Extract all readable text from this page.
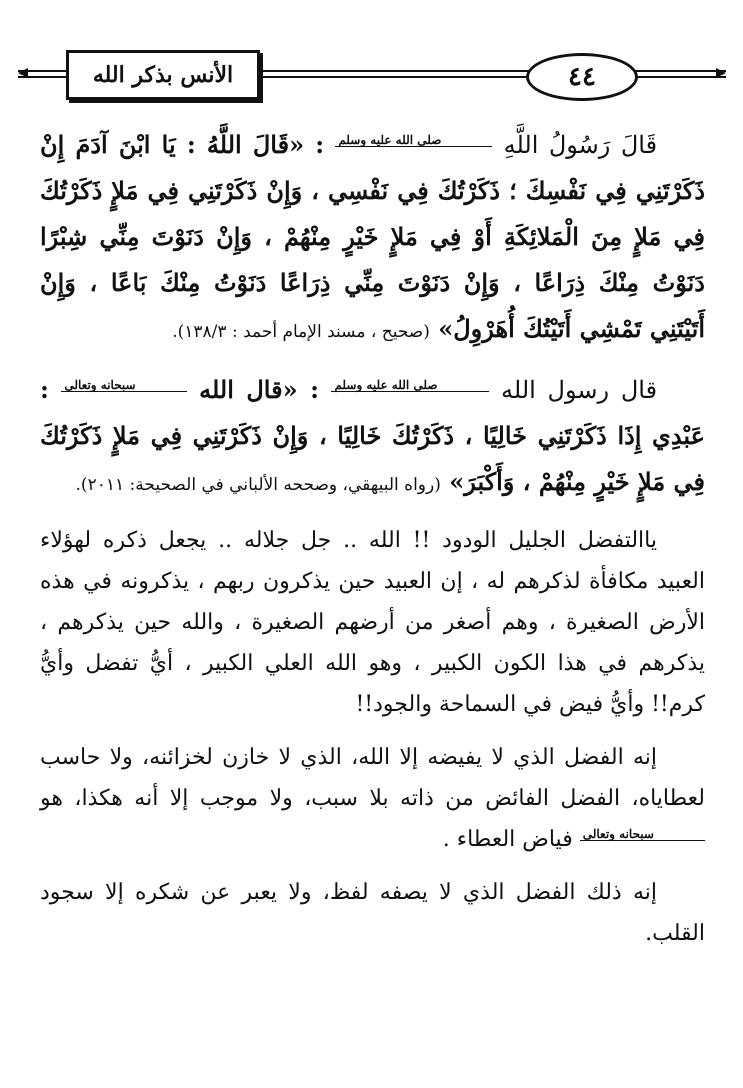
الأنس بذكر الله	٤٤

قَالَ رَسُولُ اللَّهِ صلى الله عليه وسلم : «قَالَ اللَّهُ : يَا ابْنَ آدَمَ إِنْ ذَكَرْتَنِي فِي نَفْسِكَ ؛ ذَكَرْتُكَ فِي نَفْسِي ، وَإِنْ ذَكَرْتَنِي فِي مَلإٍ ذَكَرْتُكَ فِي مَلإٍ مِنَ الْمَلائِكَةِ أَوْ فِي مَلإٍ خَيْرٍ مِنْهُمْ ، وَإِنْ دَنَوْتَ مِنِّي شِبْرًا دَنَوْتُ مِنْكَ ذِرَاعًا ، وَإِنْ دَنَوْتَ مِنِّي ذِرَاعًا دَنَوْتُ مِنْكَ بَاعًا ، وَإِنْ أَتَيْتَنِي تَمْشِي أَتَيْتُكَ أُهَرْوِلُ» (صحيح ، مسند الإمام أحمد : ١٣٨/٣).

قال رسول الله صلى الله عليه وسلم : «قال الله سبحانه وتعالى : عَبْدِي إِذَا ذَكَرْتَنِي خَالِيًا ، ذَكَرْتُكَ خَالِيًا ، وَإِنْ ذَكَرْتَنِي فِي مَلإٍ ذَكَرْتُكَ فِي مَلإٍ خَيْرٍ مِنْهُمْ ، وَأَكْبَرَ» (رواه البيهقي، وصححه الألباني في الصحيحة: ٢٠١١).

ياالتفضل الجليل الودود !! الله .. جل جلاله .. يجعل ذكره لهؤلاء العبيد مكافأة لذكرهم له ، إن العبيد حين يذكرون ربهم ، يذكرونه في هذه الأرض الصغيرة ، وهم أصغر من أرضهم الصغيرة ، والله حين يذكرهم ، يذكرهم في هذا الكون الكبير ، وهو الله العلي الكبير ، أيُّ تفضل وأيُّ كرم!! وأيُّ فيض في السماحة والجود!!

إنه الفضل الذي لا يفيضه إلا الله، الذي لا خازن لخزائنه، ولا حاسب لعطاياه، الفضل الفائض من ذاته بلا سبب، ولا موجب إلا أنه هكذا، هو سبحانه وتعالى فياض العطاء .

إنه ذلك الفضل الذي لا يصفه لفظ، ولا يعبر عن شكره إلا سجود القلب.
